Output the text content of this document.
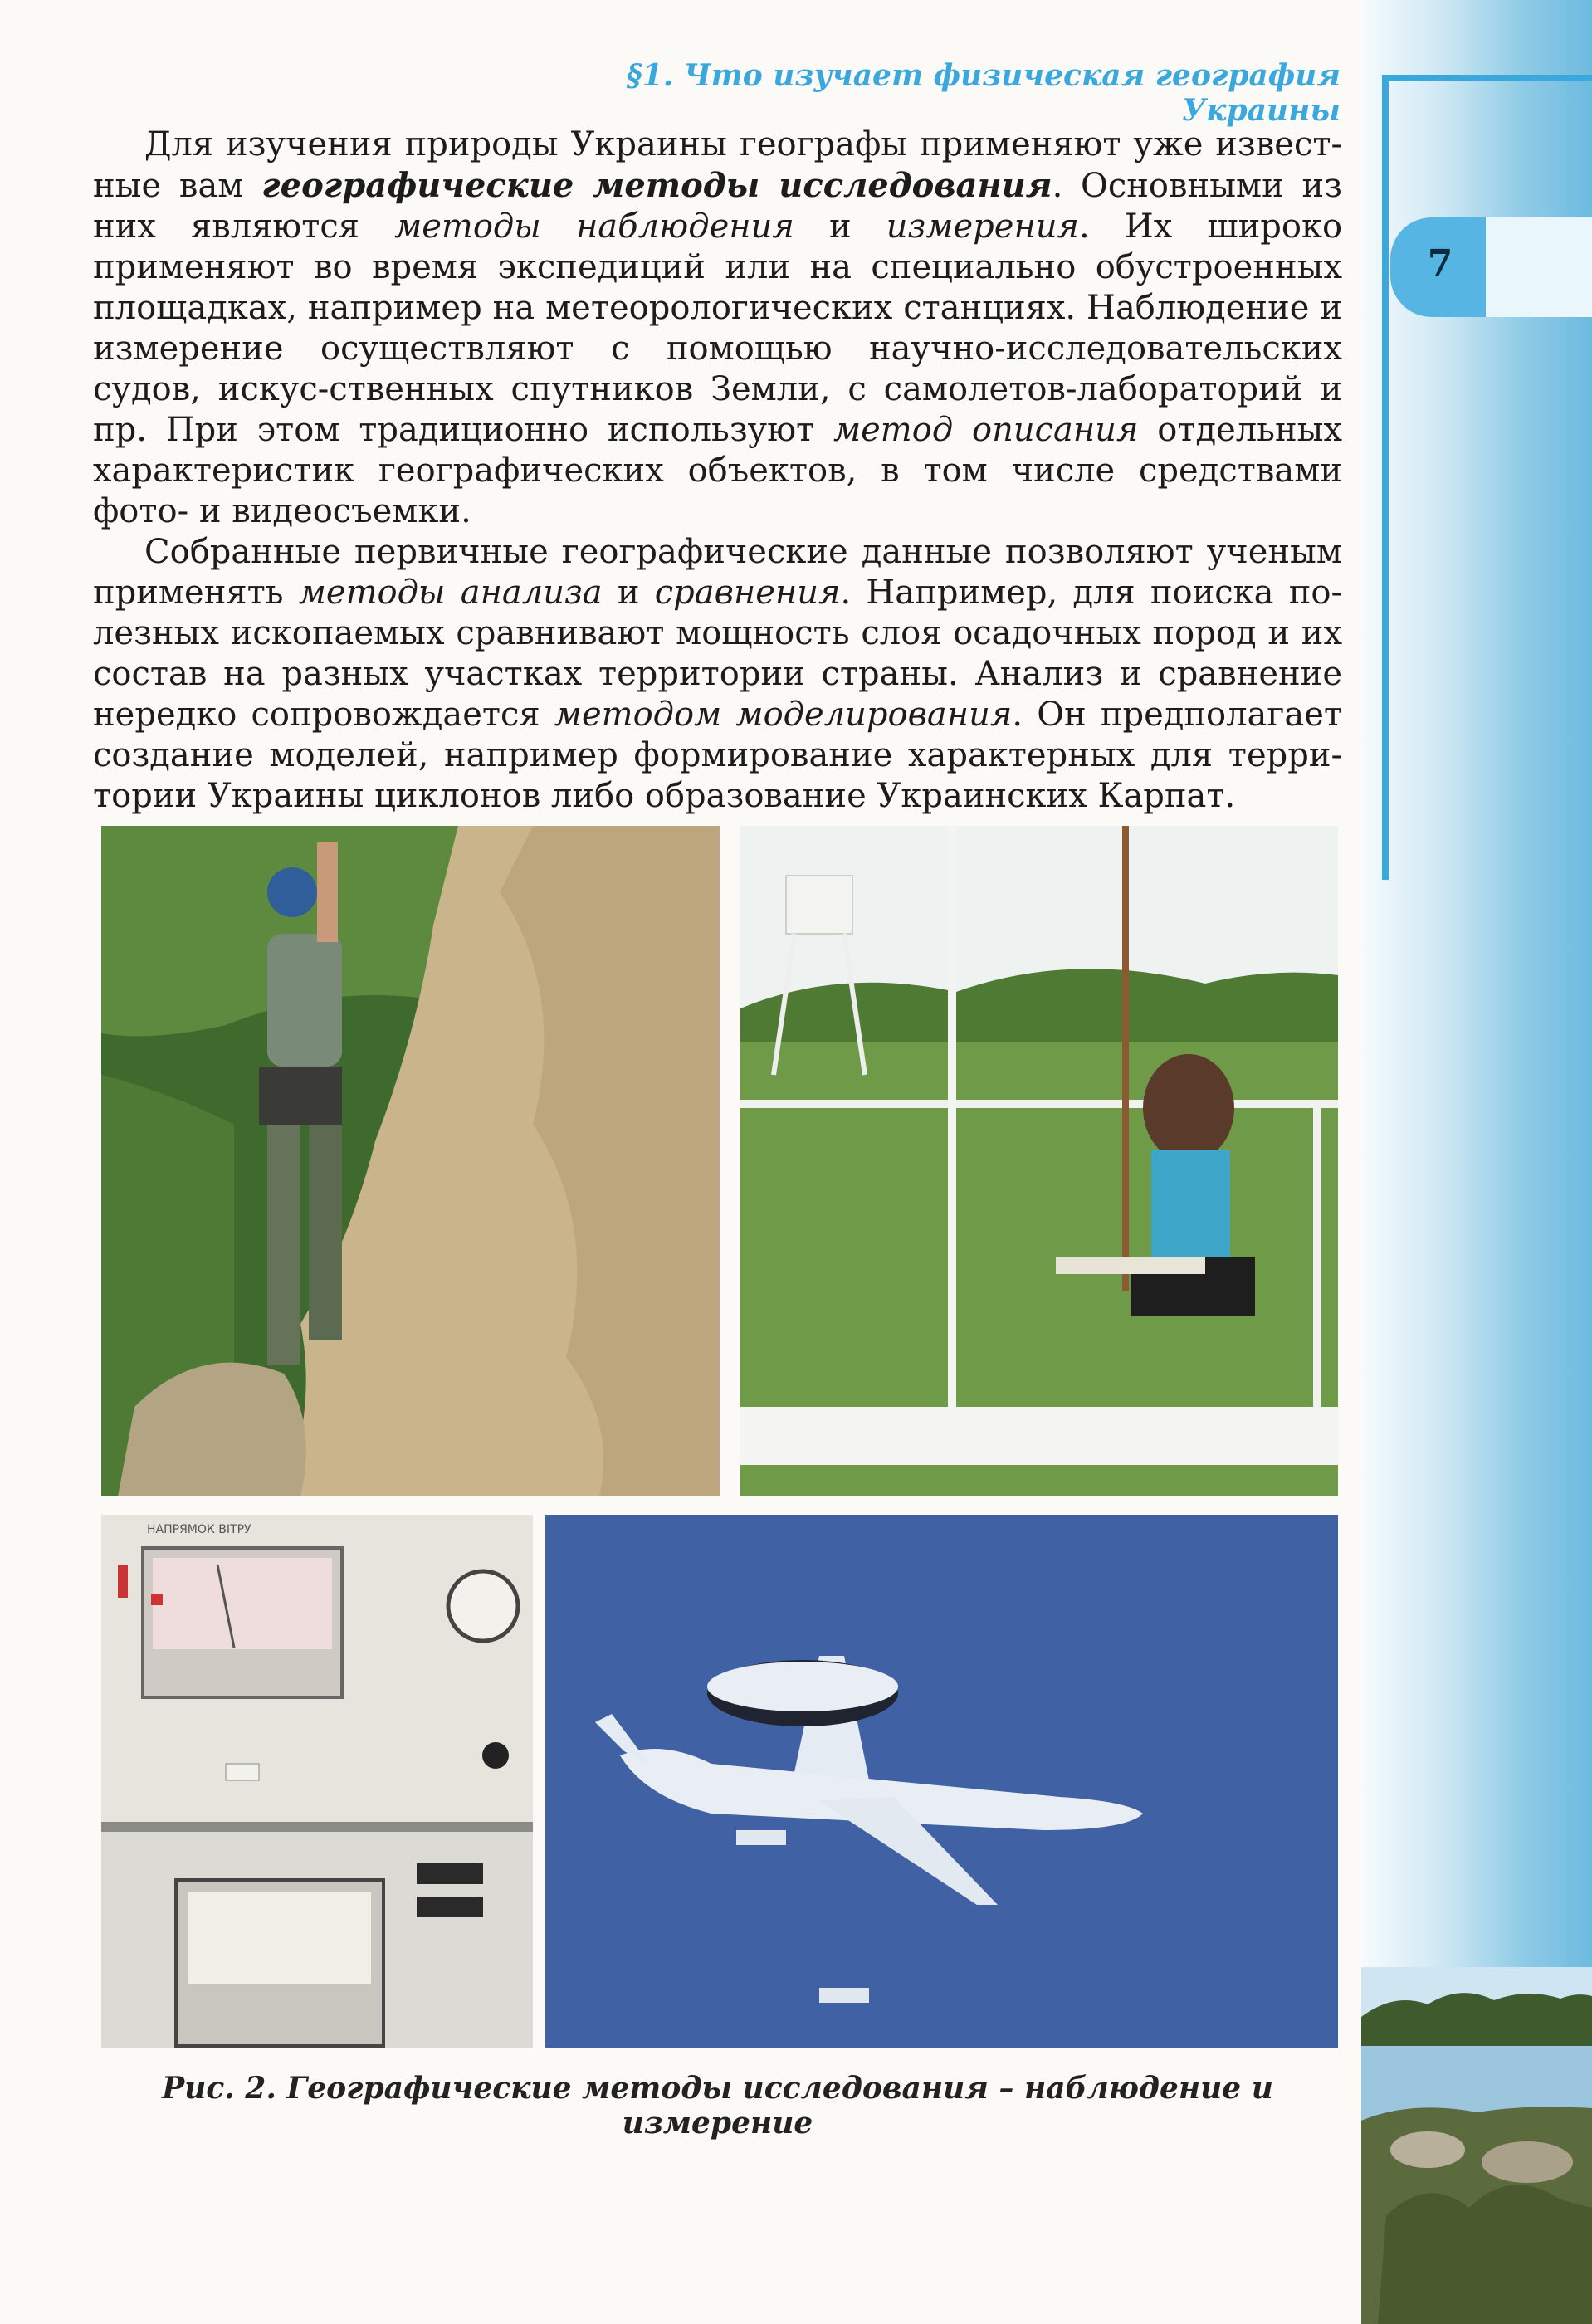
7
§1. Что изучает физическая география Украины

Для изучения природы Украины географы применяют уже извест-ные вам географические методы исследования. Основными из них являются методы наблюдения и измерения. Их широко применяют во время экспедиций или на специально обустроенных площадках, например на метеорологических станциях. Наблюдение и измерение осуществляют с помощью научно-исследовательских судов, искус-ственных спутников Земли, с самолетов-лабораторий и пр. При этом традиционно используют метод описания отдельных характеристик географических объектов, в том числе средствами фото- и видеосъемки.

Собранные первичные географические данные позволяют ученым применять методы анализа и сравнения. Например, для поиска по-лезных ископаемых сравнивают мощность слоя осадочных пород и их состав на разных участках территории страны. Анализ и сравнение нередко сопровождается методом моделирования. Он предполагает создание моделей, например формирование характерных для терри-тории Украины циклонов либо образование Украинских Карпат.

НАПРЯМОК ВІТРУ
Рис. 2. Географические методы исследования – наблюдение и измерение
